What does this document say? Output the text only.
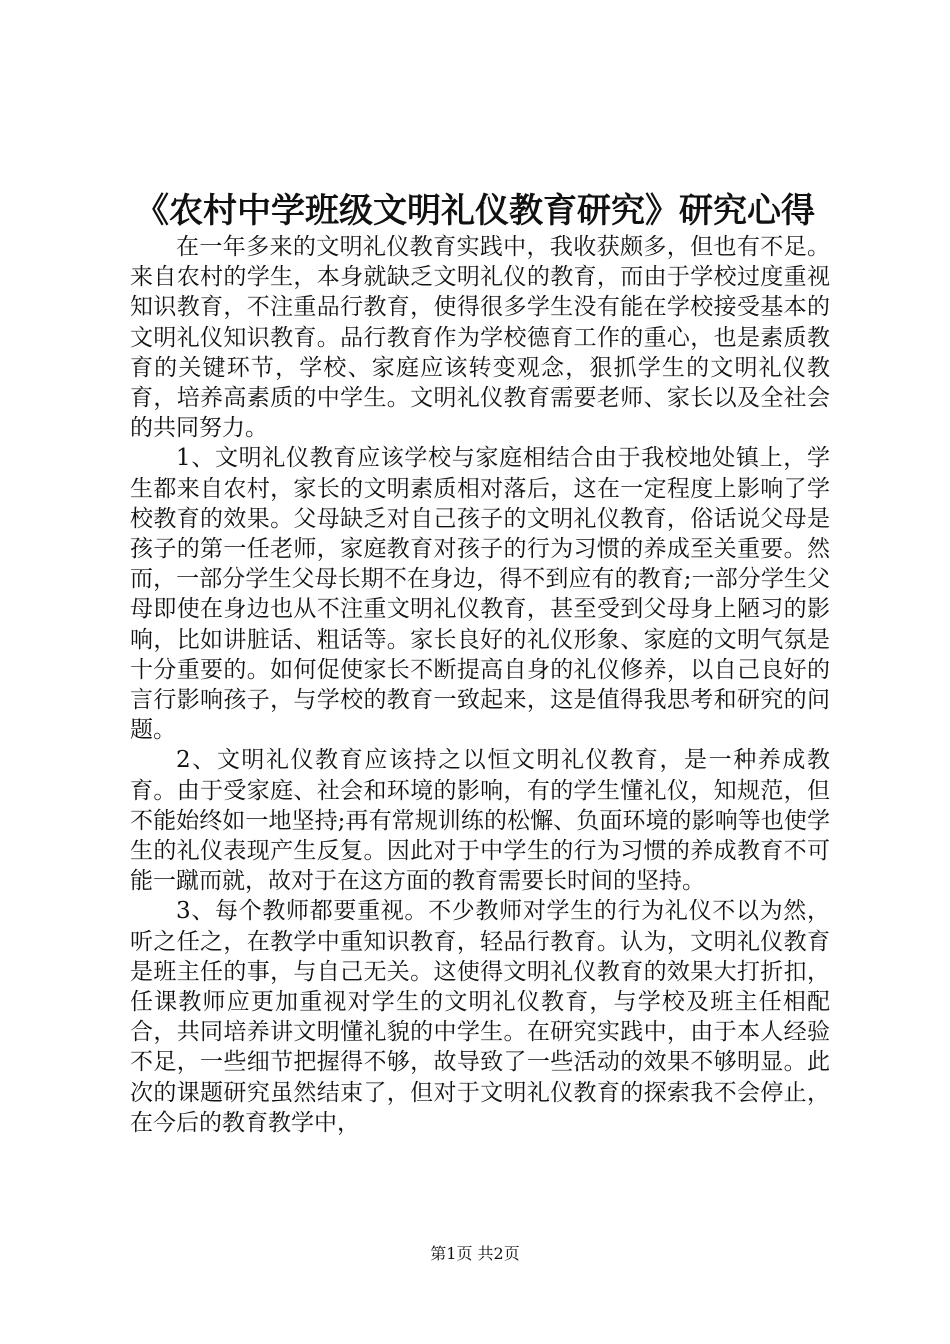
《农村中学班级文明礼仪教育研究》研究心得

在一年多来的文明礼仪教育实践中，我收获颇多，但也有不足。来自农村的学生，本身就缺乏文明礼仪的教育，而由于学校过度重视知识教育，不注重品行教育，使得很多学生没有能在学校接受基本的文明礼仪知识教育。品行教育作为学校德育工作的重心，也是素质教育的关键环节，学校、家庭应该转变观念，狠抓学生的文明礼仪教育，培养高素质的中学生。文明礼仪教育需要老师、家长以及全社会的共同努力。

1、文明礼仪教育应该学校与家庭相结合由于我校地处镇上，学生都来自农村，家长的文明素质相对落后，这在一定程度上影响了学校教育的效果。父母缺乏对自己孩子的文明礼仪教育，俗话说父母是孩子的第一任老师，家庭教育对孩子的行为习惯的养成至关重要。然而，一部分学生父母长期不在身边，得不到应有的教育;一部分学生父母即使在身边也从不注重文明礼仪教育，甚至受到父母身上陋习的影响，比如讲脏话、粗话等。家长良好的礼仪形象、家庭的文明气氛是十分重要的。如何促使家长不断提高自身的礼仪修养，以自己良好的言行影响孩子，与学校的教育一致起来，这是值得我思考和研究的问题。

2、文明礼仪教育应该持之以恒文明礼仪教育，是一种养成教育。由于受家庭、社会和环境的影响，有的学生懂礼仪，知规范，但不能始终如一地坚持;再有常规训练的松懈、负面环境的影响等也使学生的礼仪表现产生反复。因此对于中学生的行为习惯的养成教育不可能一蹴而就，故对于在这方面的教育需要长时间的坚持。

3、每个教师都要重视。不少教师对学生的行为礼仪不以为然，听之任之，在教学中重知识教育，轻品行教育。认为，文明礼仪教育是班主任的事，与自己无关。这使得文明礼仪教育的效果大打折扣，任课教师应更加重视对学生的文明礼仪教育，与学校及班主任相配合，共同培养讲文明懂礼貌的中学生。在研究实践中，由于本人经验不足，一些细节把握得不够，故导致了一些活动的效果不够明显。此次的课题研究虽然结束了，但对于文明礼仪教育的探索我不会停止，在今后的教育教学中，

第1页 共2页
